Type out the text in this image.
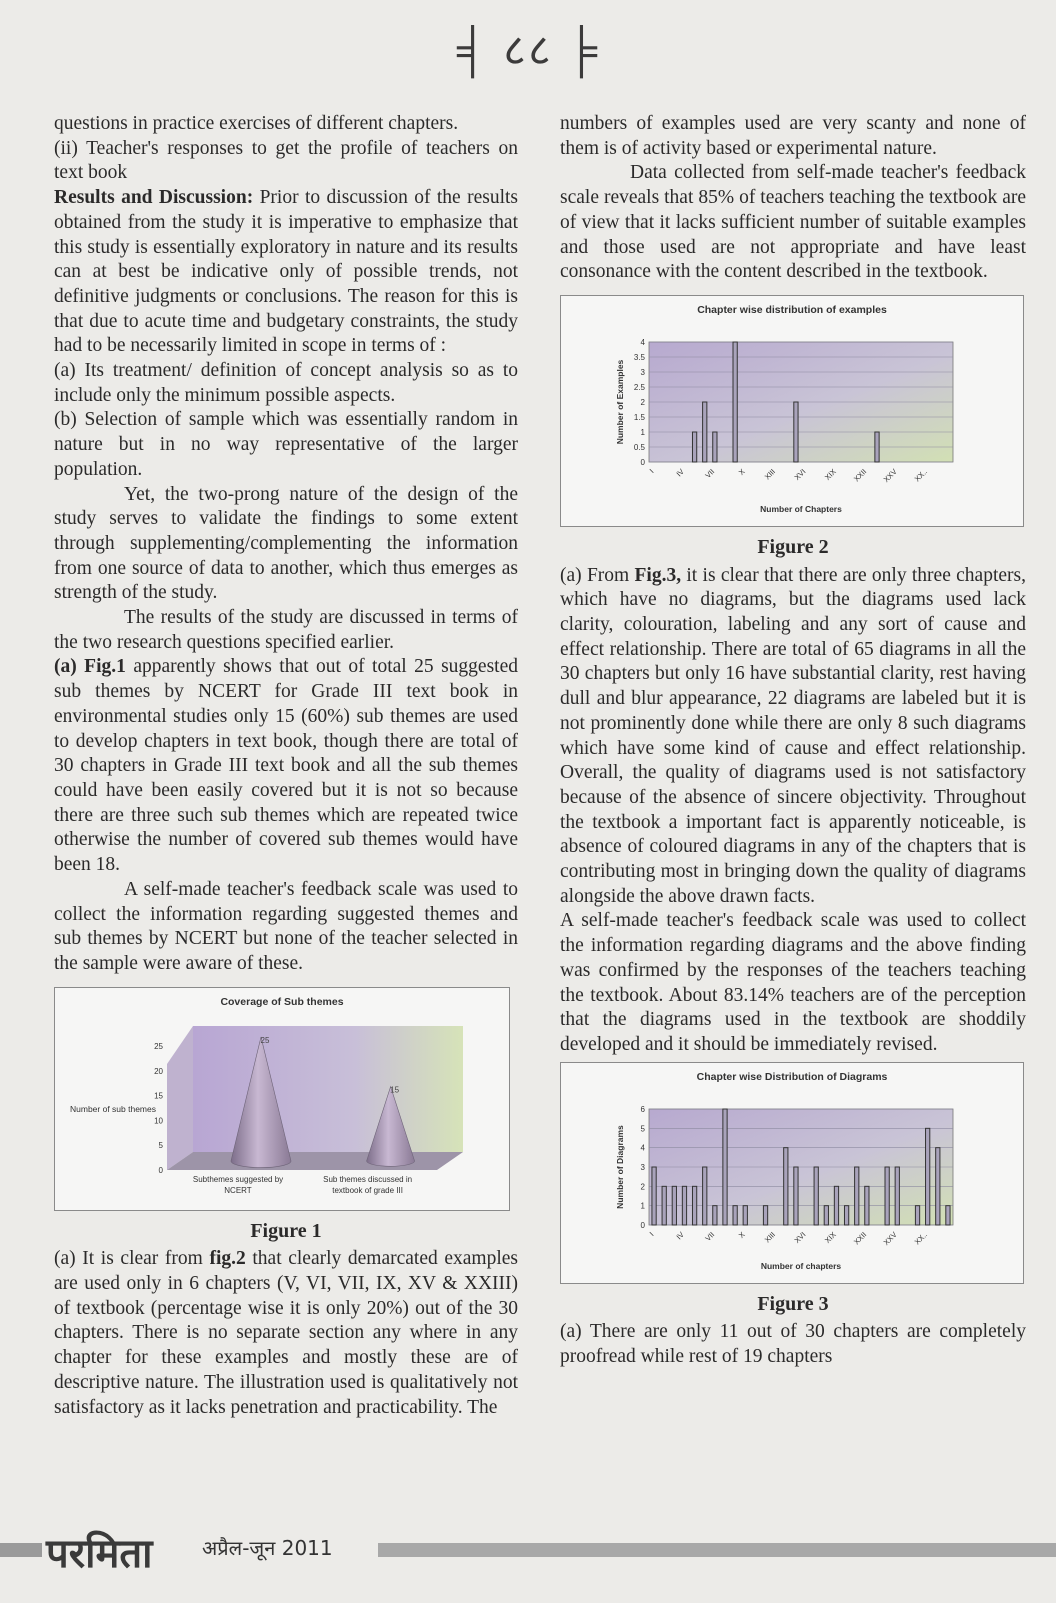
╡ ८८ ╞

questions in practice exercises of different chapters.

(ii) Teacher's responses to get the profile of teachers on text book

Results and Discussion: Prior to discussion of the results obtained from the study it is imperative to emphasize that this study is essentially exploratory in nature and its results can at best be indicative only of possible trends, not definitive judgments or conclusions. The reason for this is that due to acute time and budgetary constraints, the study had to be necessarily limited in scope in terms of :

(a) Its treatment/ definition of concept analysis so as to include only the minimum possible aspects.

(b) Selection of sample which was essentially random in nature but in no way representative of the larger population.

Yet, the two-prong nature of the design of the study serves to validate the findings to some extent through supplementing/complementing the information from one source of data to another, which thus emerges as strength of the study.

The results of the study are discussed in terms of the two research questions specified earlier.

(a) Fig.1 apparently shows that out of total 25 suggested sub themes by NCERT for Grade III text book in environmental studies only 15 (60%) sub themes are used to develop chapters in text book, though there are total of 30 chapters in Grade III text book and all the sub themes could have been easily covered but it is not so because there are three such sub themes which are repeated twice otherwise the number of covered sub themes would have been 18.

A self-made teacher's feedback scale was used to collect the information regarding suggested themes and sub themes by NCERT but none of the teacher selected in the sample were aware of these.

Coverage of Sub themes
0
5
10
15
20
25
Number of sub themes
25
Subthemes suggested by
NCERT
15
Sub themes discussed in
textbook of grade III
Figure 1

(a) It is clear from fig.2 that clearly demarcated examples are used only in 6 chapters (V, VI, VII, IX, XV & XXIII) of textbook (percentage wise it is only 20%) out of the 30 chapters. There is no separate section any where in any chapter for these examples and mostly these are of descriptive nature. The illustration used is qualitatively not satisfactory as it lacks penetration and practicability. The

numbers of examples used are very scanty and none of them is of activity based or experimental nature.

Data collected from self-made teacher's feedback scale reveals that 85% of teachers teaching the textbook are of view that it lacks sufficient number of suitable examples and those used are not appropriate and have least consonance with the content described in the textbook.

Chapter wise distribution of examples
0
0.5
1
1.5
2
2.5
3
3.5
4
I	IV VII	X XIII XVI XIX XXII XXV XX..
Number of Chapters
Number of Examples
Figure 2

(a) From Fig.3, it is clear that there are only three chapters, which have no diagrams, but the diagrams used lack clarity, colouration, labeling and any sort of cause and effect relationship. There are total of 65 diagrams in all the 30 chapters but only 16 have substantial clarity, rest having dull and blur appearance, 22 diagrams are labeled but it is not prominently done while there are only 8 such diagrams which have some kind of cause and effect relationship. Overall, the quality of diagrams used is not satisfactory because of the absence of sincere objectivity. Throughout the textbook a important fact is apparently noticeable, is absence of coloured diagrams in any of the chapters that is contributing most in bringing down the quality of diagrams alongside the above drawn facts.

A self-made teacher's feedback scale was used to collect the information regarding diagrams and the above finding was confirmed by the responses of the teachers teaching the textbook. About 83.14% teachers are of the perception that the diagrams used in the textbook are shoddily developed and it should be immediately revised.

Chapter wise Distribution of Diagrams
0
1
2
3
4
5
6
I	IV VII	X XIII XVI XIX XXII XXV XX..
Number of chapters
Number of Diagrams
Figure 3

(a) There are only 11 out of 30 chapters are completely proofread while rest of 19 chapters

परमिता अप्रैल-जून 2011
